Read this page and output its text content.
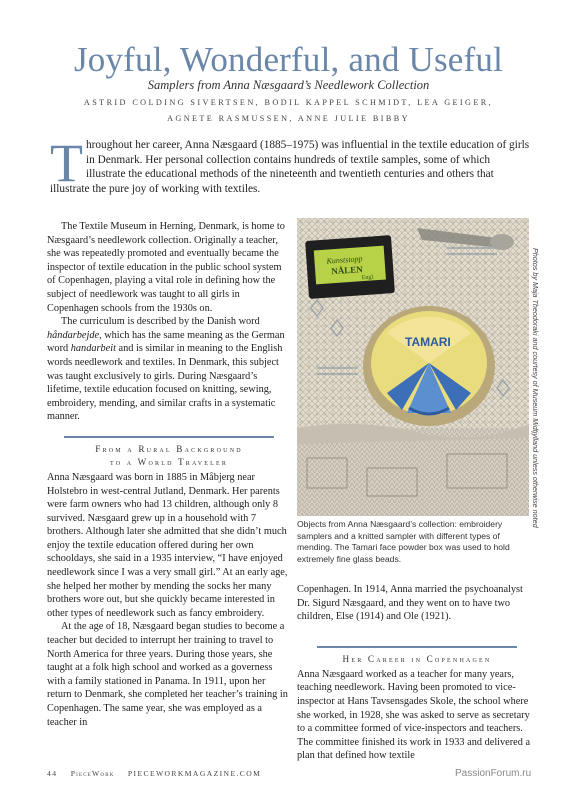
Joyful, Wonderful, and Useful
Samplers from Anna Næsgaard’s Needlework Collection
ASTRID COLDING SIVERTSEN, BODIL KAPPEL SCHMIDT, LEA GEIGER,
AGNETE RASMUSSEN, ANNE JULIE BIBBY
T hroughout her career, Anna Næsgaard (1885–1975) was influential in the textile education of girls in Denmark. Her personal collection contains hundreds of textile samples, some of which illustrate the educational methods of the nineteenth and twentieth centuries and others that illustrate the pure joy of working with textiles.

The Textile Museum in Herning, Denmark, is home to Næsgaard’s needlework collection. Originally a teacher, she was repeatedly promoted and eventually became the inspector of textile education in the public school system of Copenhagen, playing a vital role in defining how the subject of needlework was taught to all girls in Copenhagen schools from the 1930s on.

The curriculum is described by the Danish word håndarbejde, which has the same meaning as the German word handarbeit and is similar in meaning to the English words needlework and textiles. In Denmark, this subject was taught exclusively to girls. During Næsgaard’s lifetime, textile education focused on knitting, sewing, embroidery, mending, and similar crafts in a systematic manner.

From a Rural Background
to a World Traveler

Anna Næsgaard was born in 1885 in Måbjerg near Holstebro in west-central Jutland, Denmark. Her parents were farm owners who had 13 children, although only 8 survived. Næsgaard grew up in a household with 7 brothers. Although later she admitted that she didn’t much enjoy the textile education offered during her own schooldays, she said in a 1935 interview, “I have enjoyed needlework since I was a very small girl.” At an early age, she helped her mother by mending the socks her many brothers wore out, but she quickly became interested in other types of needlework such as fancy embroidery.

At the age of 18, Næsgaard began studies to become a teacher but decided to interrupt her training to travel to North America for three years. During those years, she taught at a folk high school and worked as a governess with a family stationed in Panama. In 1911, upon her return to Denmark, she completed her teacher’s training in Copenhagen. The same year, she was employed as a teacher in

Kunststopp
NÅLEN
Engl.
TAMARI	Photos by Maja Theodoraki and courtesy of Museum Midtjylland unless otherwise noted
Objects from Anna Næsgaard’s collection: embroidery samplers and a knitted sampler with different types of mending. The Tamari face powder box was used to hold extremely fine glass beads.

Copenhagen. In 1914, Anna married the psychoanalyst Dr. Sigurd Næsgaard, and they went on to have two children, Else (1914) and Ole (1921).

Her Career in Copenhagen

Anna Næsgaard worked as a teacher for many years, teaching needlework. Having been promoted to vice-inspector at Hans Tavsensgades Skole, the school where she worked, in 1928, she was asked to serve as secretary to a committee formed of vice-inspectors and teachers. The committee finished its work in 1933 and delivered a plan that defined how textile

44 PieceWork PIECEWORKMAGAZINE.COM	PassionForum.ru
